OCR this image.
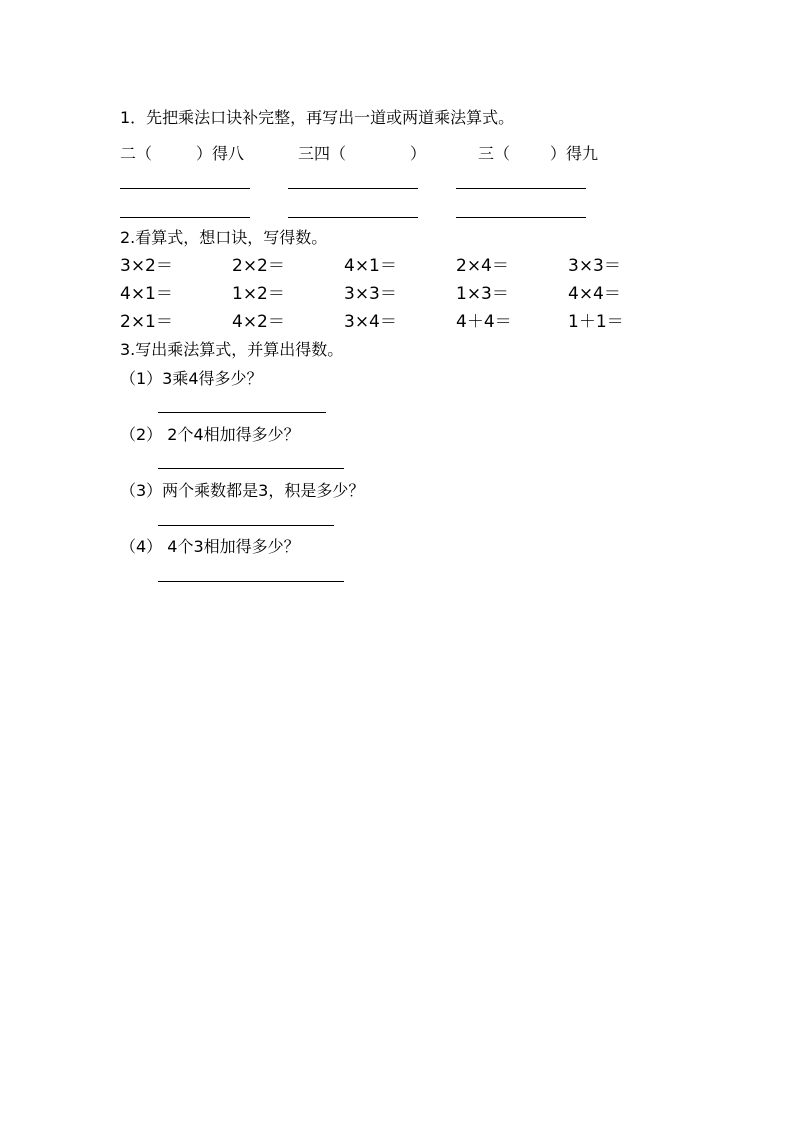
1．先把乘法口诀补完整，再写出一道或两道乘法算式。
二（	）得八	三四（	）	三（ ）得九
2.看算式，想口诀，写得数。
3×2＝	2×2＝	4×1＝	2×4＝	3×3＝
4×1＝	1×2＝	3×3＝	1×3＝	4×4＝
2×1＝	4×2＝	3×4＝	4＋4＝	1＋1＝
3.写出乘法算式，并算出得数。
（1）3乘4得多少？
（2） 2个4相加得多少？
（3）两个乘数都是3，积是多少？
（4） 4个3相加得多少？
